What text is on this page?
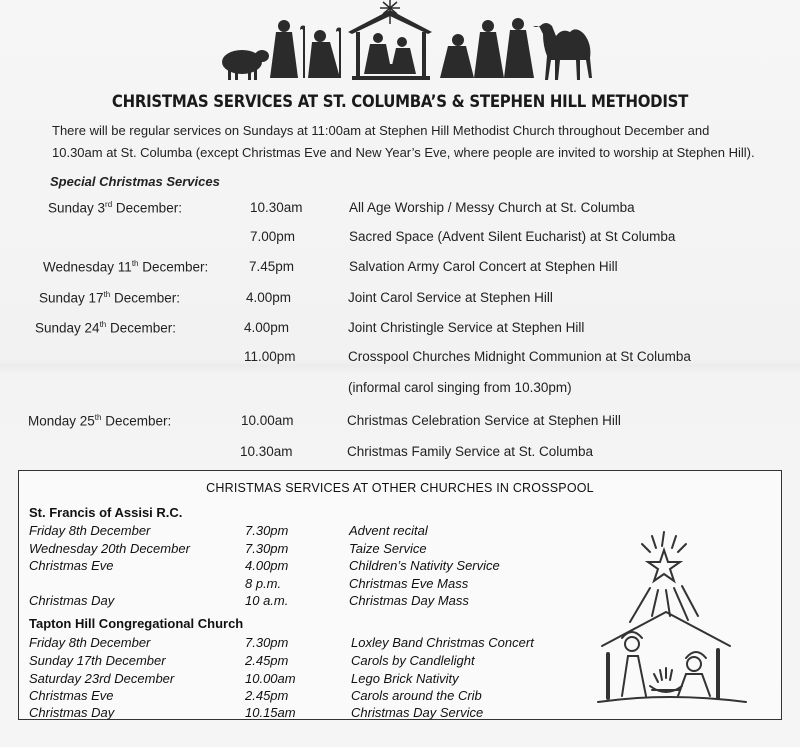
CHRISTMAS SERVICES AT ST. COLUMBA’S & STEPHEN HILL METHODIST
There will be regular services on Sundays at 11:00am at Stephen Hill Methodist Church throughout December and
10.30am at St. Columba (except Christmas Eve and New Year’s Eve, where people are invited to worship at Stephen Hill).
Special Christmas Services
Sunday 3rd December:	10.30am	All Age Worship / Messy Church at St. Columba
7.00pm	Sacred Space (Advent Silent Eucharist) at St Columba
Wednesday 11th December:	7.45pm	Salvation Army Carol Concert at Stephen Hill
Sunday 17th December:	4.00pm	Joint Carol Service at Stephen Hill
Sunday 24th December:	4.00pm	Joint Christingle Service at Stephen Hill
11.00pm	Crosspool Churches Midnight Communion at St Columba
(informal carol singing from 10.30pm)
Monday 25th December:	10.00am	Christmas Celebration Service at Stephen Hill
10.30am	Christmas Family Service at St. Columba
CHRISTMAS SERVICES AT OTHER CHURCHES IN CROSSPOOL
St. Francis of Assisi R.C.
Friday 8th December	7.30pm	Advent recital
Wednesday 20th December	7.30pm	Taize Service
Christmas Eve	4.00pm	Children’s Nativity Service
8 p.m.	Christmas Eve Mass
Christmas Day	10 a.m.	Christmas Day Mass
Tapton Hill Congregational Church
Friday 8th December	7.30pm	Loxley Band Christmas Concert
Sunday 17th December	2.45pm	Carols by Candlelight
Saturday 23rd December	10.00am	Lego Brick Nativity
Christmas Eve	2.45pm	Carols around the Crib
Christmas Day	10.15am	Christmas Day Service
